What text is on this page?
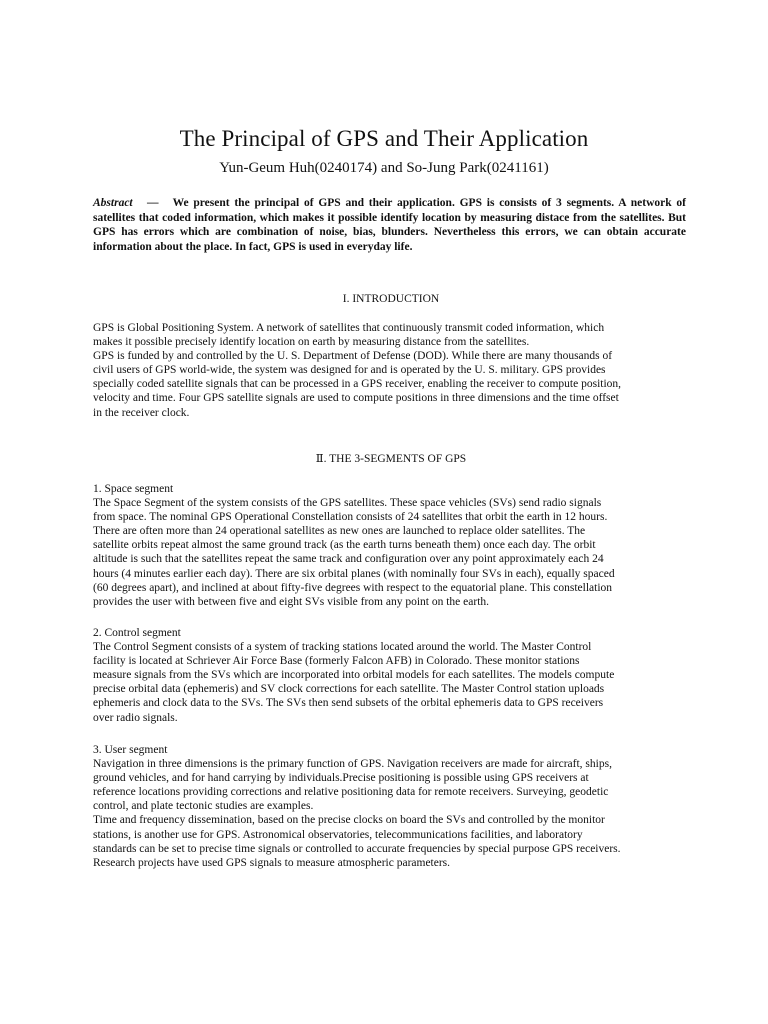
The Principal of GPS and Their Application
Yun-Geum Huh(0240174) and So-Jung Park(0241161)
Abstract — We present the principal of GPS and their application. GPS is consists of 3 segments. A network of satellites that coded information, which makes it possible identify location by measuring distace from the satellites. But GPS has errors which are combination of noise, bias, blunders. Nevertheless this errors, we can obtain accurate information about the place. In fact, GPS is used in everyday life.
I. INTRODUCTION
GPS is Global Positioning System. A network of satellites that continuously transmit coded information, which
makes it possible precisely identify location on earth by measuring distance from the satellites.
GPS is funded by and controlled by the U. S. Department of Defense (DOD). While there are many thousands of
civil users of GPS world-wide, the system was designed for and is operated by the U. S. military. GPS provides
specially coded satellite signals that can be processed in a GPS receiver, enabling the receiver to compute position,
velocity and time. Four GPS satellite signals are used to compute positions in three dimensions and the time offset
in the receiver clock.
Ⅱ. THE 3-SEGMENTS OF GPS
1. Space segment
The Space Segment of the system consists of the GPS satellites. These space vehicles (SVs) send radio signals
from space. The nominal GPS Operational Constellation consists of 24 satellites that orbit the earth in 12 hours.
There are often more than 24 operational satellites as new ones are launched to replace older satellites. The
satellite orbits repeat almost the same ground track (as the earth turns beneath them) once each day. The orbit
altitude is such that the satellites repeat the same track and configuration over any point approximately each 24
hours (4 minutes earlier each day). There are six orbital planes (with nominally four SVs in each), equally spaced
(60 degrees apart), and inclined at about fifty-five degrees with respect to the equatorial plane. This constellation
provides the user with between five and eight SVs visible from any point on the earth.
2. Control segment
The Control Segment consists of a system of tracking stations located around the world. The Master Control
facility is located at Schriever Air Force Base (formerly Falcon AFB) in Colorado. These monitor stations
measure signals from the SVs which are incorporated into orbital models for each satellites. The models compute
precise orbital data (ephemeris) and SV clock corrections for each satellite. The Master Control station uploads
ephemeris and clock data to the SVs. The SVs then send subsets of the orbital ephemeris data to GPS receivers
over radio signals.
3. User segment
Navigation in three dimensions is the primary function of GPS. Navigation receivers are made for aircraft, ships,
ground vehicles, and for hand carrying by individuals.Precise positioning is possible using GPS receivers at
reference locations providing corrections and relative positioning data for remote receivers. Surveying, geodetic
control, and plate tectonic studies are examples.
Time and frequency dissemination, based on the precise clocks on board the SVs and controlled by the monitor
stations, is another use for GPS. Astronomical observatories, telecommunications facilities, and laboratory
standards can be set to precise time signals or controlled to accurate frequencies by special purpose GPS receivers.
Research projects have used GPS signals to measure atmospheric parameters.
